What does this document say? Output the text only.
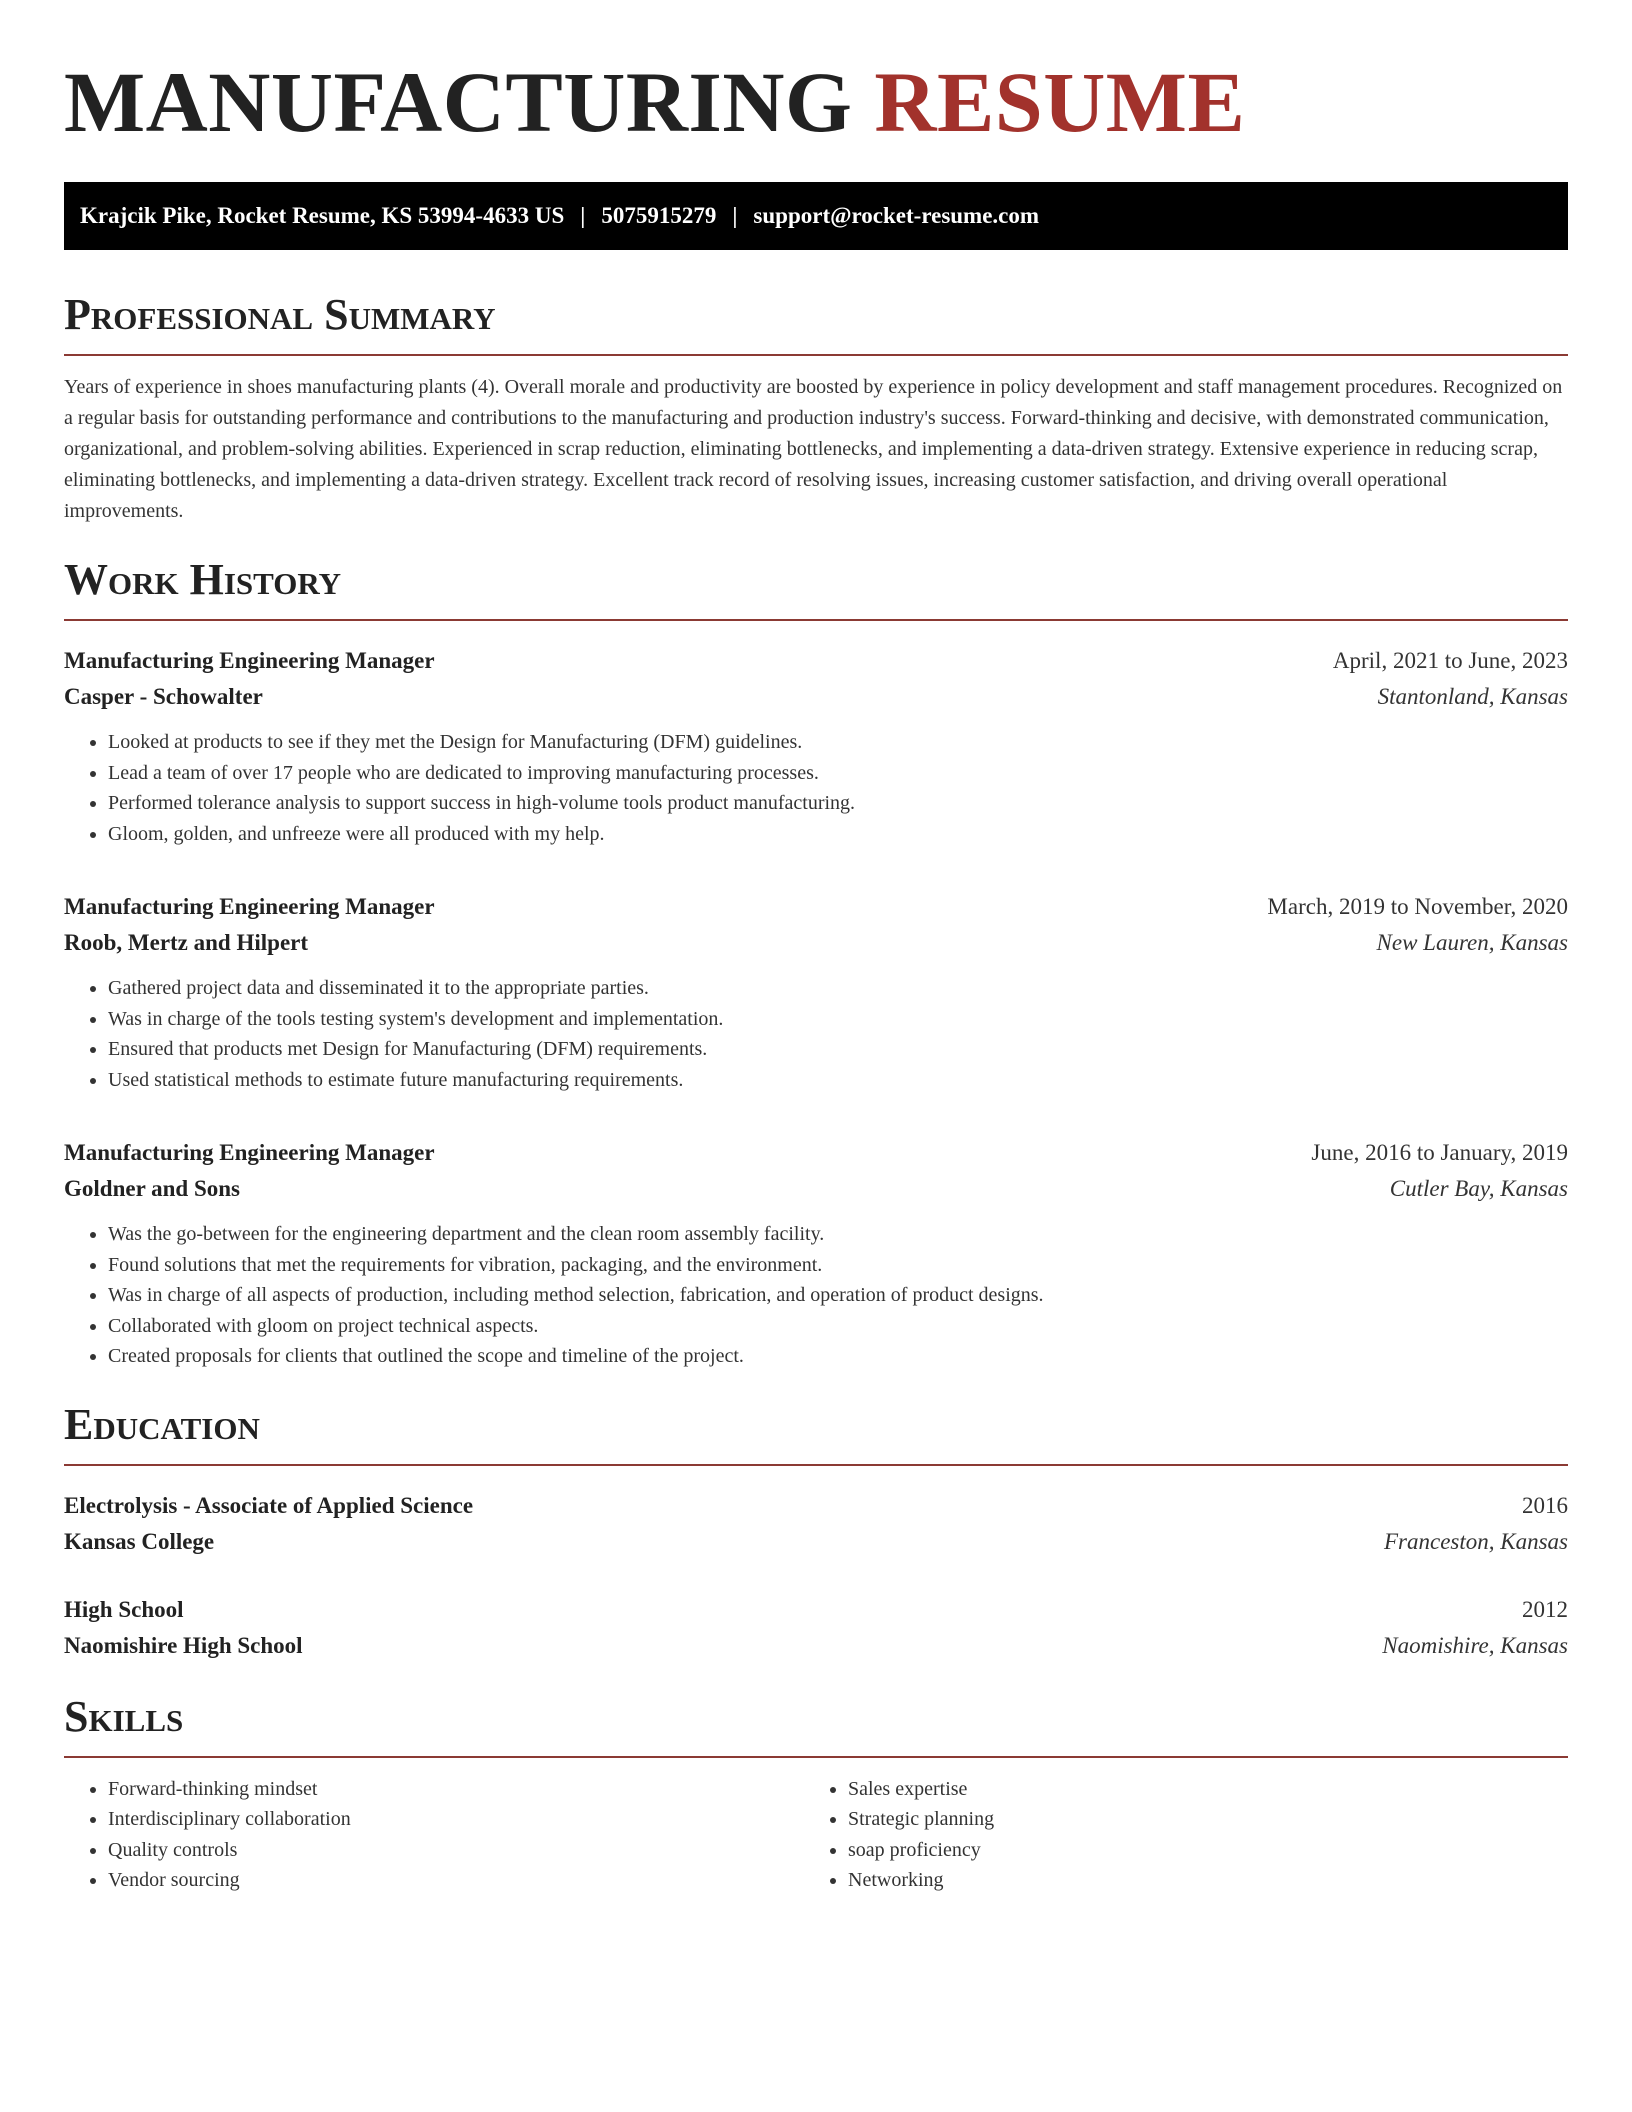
MANUFACTURING RESUME
Krajcik Pike, Rocket Resume, KS 53994-4633 US | 5075915279 | support@rocket-resume.com
Professional Summary

Years of experience in shoes manufacturing plants (4). Overall morale and productivity are boosted by experience in policy development and staff management procedures. Recognized on a regular basis for outstanding performance and contributions to the manufacturing and production industry's success. Forward-thinking and decisive, with demonstrated communication, organizational, and problem-solving abilities. Experienced in scrap reduction, eliminating bottlenecks, and implementing a data-driven strategy. Extensive experience in reducing scrap, eliminating bottlenecks, and implementing a data-driven strategy. Excellent track record of resolving issues, increasing customer satisfaction, and driving overall operational improvements.

Work History
Manufacturing Engineering Manager	April, 2021 to June, 2023
Casper - Schowalter	Stantonland, Kansas
• Looked at products to see if they met the Design for Manufacturing (DFM) guidelines.
• Lead a team of over 17 people who are dedicated to improving manufacturing processes.
• Performed tolerance analysis to support success in high-volume tools product manufacturing.
• Gloom, golden, and unfreeze were all produced with my help.
Manufacturing Engineering Manager	March, 2019 to November, 2020
Roob, Mertz and Hilpert	New Lauren, Kansas
• Gathered project data and disseminated it to the appropriate parties.
• Was in charge of the tools testing system's development and implementation.
• Ensured that products met Design for Manufacturing (DFM) requirements.
• Used statistical methods to estimate future manufacturing requirements.
Manufacturing Engineering Manager	June, 2016 to January, 2019
Goldner and Sons	Cutler Bay, Kansas
• Was the go-between for the engineering department and the clean room assembly facility.
• Found solutions that met the requirements for vibration, packaging, and the environment.
• Was in charge of all aspects of production, including method selection, fabrication, and operation of product designs.
• Collaborated with gloom on project technical aspects.
• Created proposals for clients that outlined the scope and timeline of the project.
Education
Electrolysis - Associate of Applied Science	2016
Kansas College	Franceston, Kansas
High School	2012
Naomishire High School	Naomishire, Kansas
Skills
• Forward-thinking mindset
• Interdisciplinary collaboration
• Quality controls
• Vendor sourcing
• Sales expertise
• Strategic planning
• soap proficiency
• Networking
